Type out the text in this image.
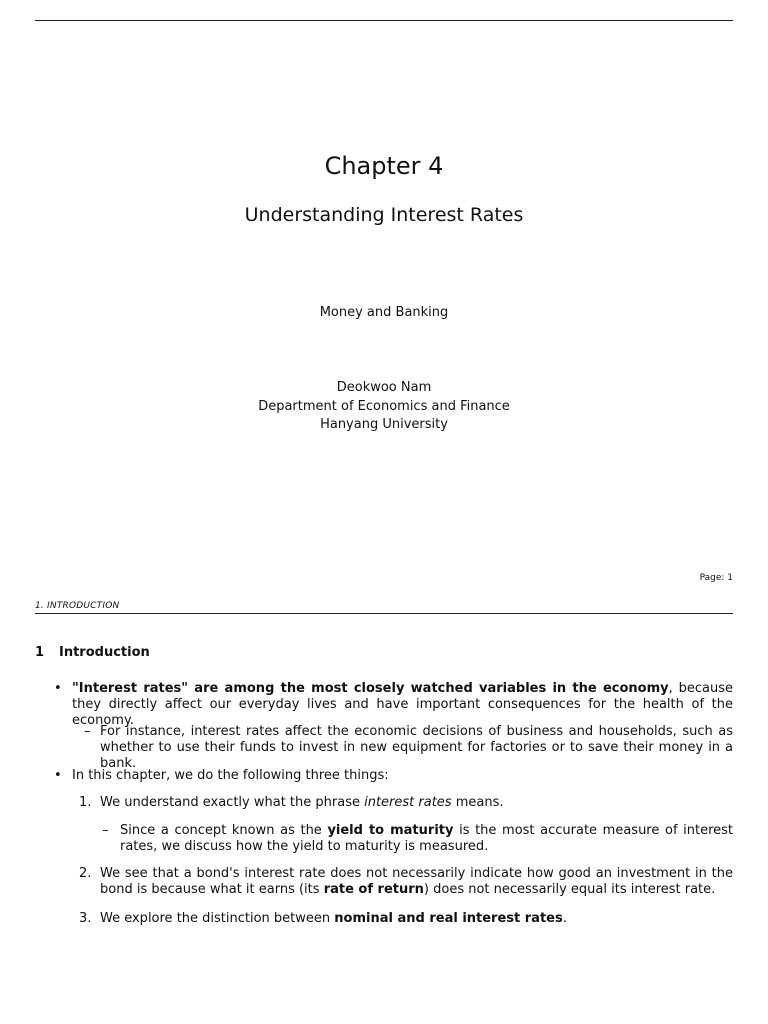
Chapter 4
Understanding Interest Rates
Money and Banking
Deokwoo Nam
Department of Economics and Finance
Hanyang University
Page: 1
1. INTRODUCTION
1 Introduction
• "Interest rates" are among the most closely watched variables in the economy, because they directly affect our everyday lives and have important consequences for the health of the economy.
– For instance, interest rates affect the economic decisions of business and households, such as whether to use their funds to invest in new equipment for factories or to save their money in a bank.
• In this chapter, we do the following three things:
1. We understand exactly what the phrase interest rates means.
– Since a concept known as the yield to maturity is the most accurate measure of interest rates, we discuss how the yield to maturity is measured.
2. We see that a bond's interest rate does not necessarily indicate how good an investment in the bond is because what it earns (its rate of return) does not necessarily equal its interest rate.
3. We explore the distinction between nominal and real interest rates.
